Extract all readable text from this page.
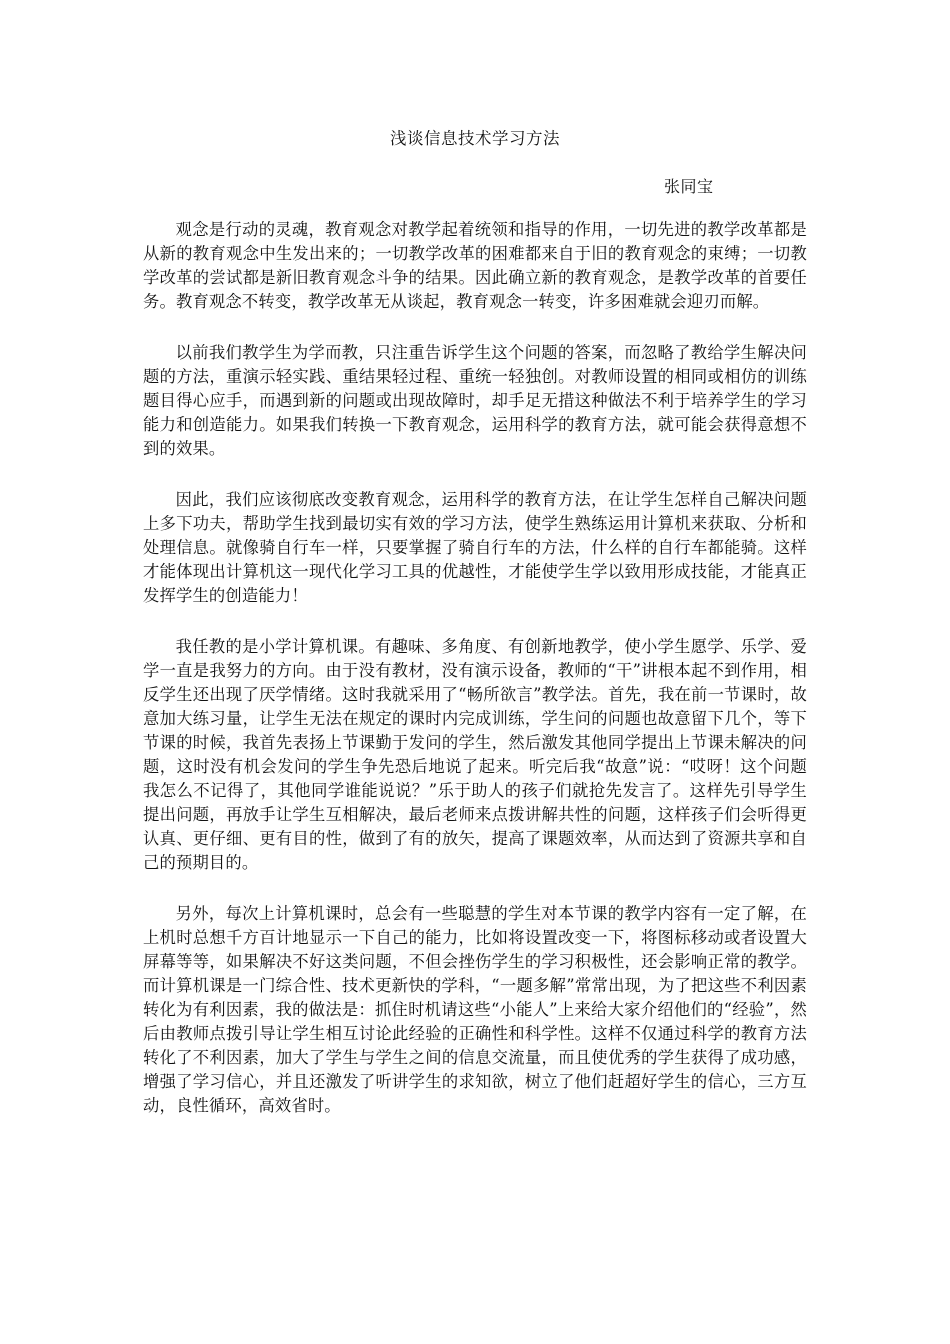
浅谈信息技术学习方法
张同宝

观念是行动的灵魂，教育观念对教学起着统领和指导的作用，一切先进的教学改革都是从新的教育观念中生发出来的；一切教学改革的困难都来自于旧的教育观念的束缚；一切教学改革的尝试都是新旧教育观念斗争的结果。因此确立新的教育观念，是教学改革的首要任务。教育观念不转变，教学改革无从谈起，教育观念一转变，许多困难就会迎刃而解。

以前我们教学生为学而教，只注重告诉学生这个问题的答案，而忽略了教给学生解决问题的方法，重演示轻实践、重结果轻过程、重统一轻独创。对教师设置的相同或相仿的训练题目得心应手，而遇到新的问题或出现故障时，却手足无措这种做法不利于培养学生的学习能力和创造能力。如果我们转换一下教育观念，运用科学的教育方法，就可能会获得意想不到的效果。

因此，我们应该彻底改变教育观念，运用科学的教育方法，在让学生怎样自己解决问题上多下功夫，帮助学生找到最切实有效的学习方法，使学生熟练运用计算机来获取、分析和处理信息。就像骑自行车一样，只要掌握了骑自行车的方法，什么样的自行车都能骑。这样才能体现出计算机这一现代化学习工具的优越性，才能使学生学以致用形成技能，才能真正发挥学生的创造能力！

我任教的是小学计算机课。有趣味、多角度、有创新地教学，使小学生愿学、乐学、爱学一直是我努力的方向。由于没有教材，没有演示设备，教师的“干”讲根本起不到作用，相反学生还出现了厌学情绪。这时我就采用了“畅所欲言”教学法。首先，我在前一节课时，故意加大练习量，让学生无法在规定的课时内完成训练，学生问的问题也故意留下几个，等下节课的时候，我首先表扬上节课勤于发问的学生，然后激发其他同学提出上节课未解决的问题，这时没有机会发问的学生争先恐后地说了起来。听完后我“故意”说：“哎呀！这个问题我怎么不记得了，其他同学谁能说说？”乐于助人的孩子们就抢先发言了。这样先引导学生提出问题，再放手让学生互相解决，最后老师来点拨讲解共性的问题，这样孩子们会听得更认真、更仔细、更有目的性，做到了有的放矢，提高了课题效率，从而达到了资源共享和自己的预期目的。

另外，每次上计算机课时，总会有一些聪慧的学生对本节课的教学内容有一定了解，在上机时总想千方百计地显示一下自己的能力，比如将设置改变一下，将图标移动或者设置大屏幕等等，如果解决不好这类问题，不但会挫伤学生的学习积极性，还会影响正常的教学。而计算机课是一门综合性、技术更新快的学科，“一题多解”常常出现，为了把这些不利因素转化为有利因素，我的做法是：抓住时机请这些“小能人”上来给大家介绍他们的“经验”，然后由教师点拨引导让学生相互讨论此经验的正确性和科学性。这样不仅通过科学的教育方法转化了不利因素，加大了学生与学生之间的信息交流量，而且使优秀的学生获得了成功感，增强了学习信心，并且还激发了听讲学生的求知欲，树立了他们赶超好学生的信心，三方互动，良性循环，高效省时。
